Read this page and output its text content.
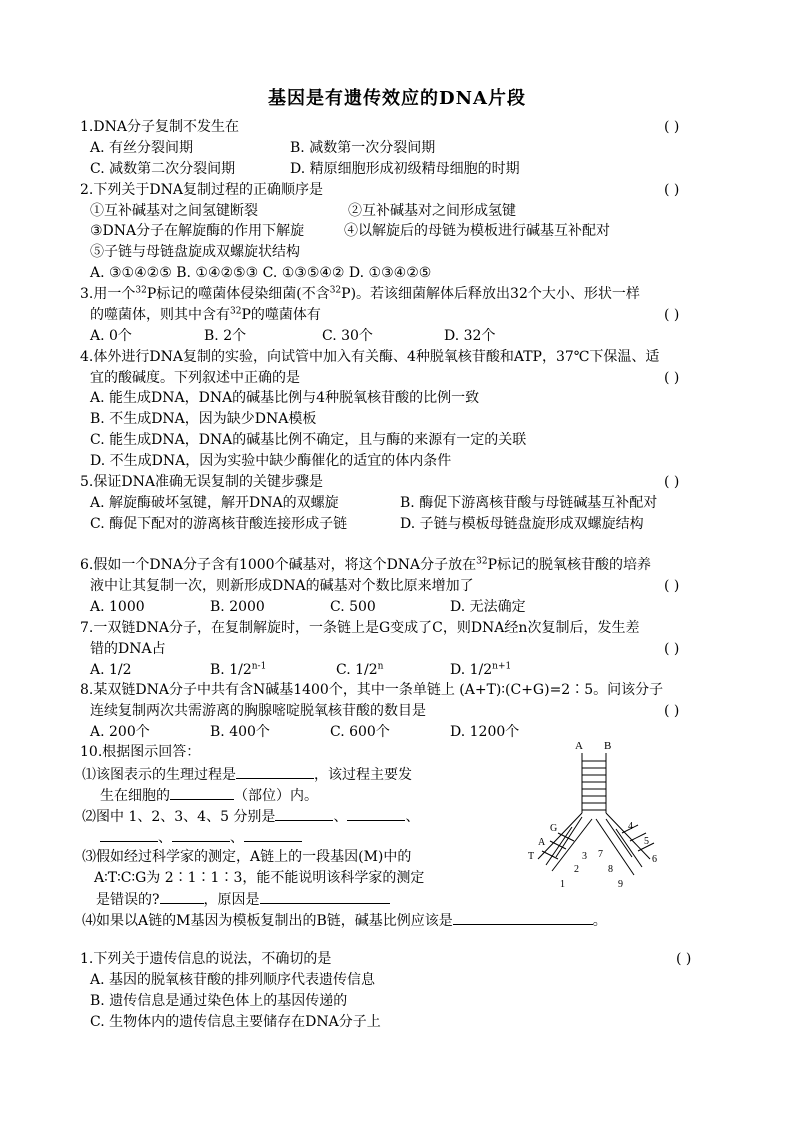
基因是有遗传效应的DNA片段
1.DNA分子复制不发生在	( )
A. 有丝分裂间期	B. 减数第一次分裂间期
C. 减数第二次分裂间期	D. 精原细胞形成初级精母细胞的时期
2.下列关于DNA复制过程的正确顺序是	( )
①互补碱基对之间氢键断裂	②互补碱基对之间形成氢键
③DNA分子在解旋酶的作用下解旋	④以解旋后的母链为模板进行碱基互补配对
⑤子链与母链盘旋成双螺旋状结构
A. ③①④②⑤ B. ①④②⑤③ C. ①③⑤④② D. ①③④②⑤
3.用一个$^{32}$P标记的噬菌体侵染细菌(不含$^{32}$P)。若该细菌解体后释放出32个大小、形状一样
的噬菌体，则其中含有$^{32}$P的噬菌体有	( )
A. 0个	B. 2个	C. 30个	D. 32个
4.体外进行DNA复制的实验，向试管中加入有关酶、4种脱氧核苷酸和ATP，37℃下保温、适
宜的酸碱度。下列叙述中正确的是	( )
A. 能生成DNA，DNA的碱基比例与4种脱氧核苷酸的比例一致
B. 不生成DNA，因为缺少DNA模板
C. 能生成DNA，DNA的碱基比例不确定，且与酶的来源有一定的关联
D. 不生成DNA，因为实验中缺少酶催化的适宜的体内条件
5.保证DNA准确无误复制的关键步骤是	( )
A. 解旋酶破坏氢键，解开DNA的双螺旋	B. 酶促下游离核苷酸与母链碱基互补配对
C. 酶促下配对的游离核苷酸连接形成子链	D. 子链与模板母链盘旋形成双螺旋结构
6.假如一个DNA分子含有1000个碱基对，将这个DNA分子放在$^{32}$P标记的脱氧核苷酸的培养
液中让其复制一次，则新形成DNA的碱基对个数比原来增加了	( )
A. 1000	B. 2000	C. 500	D. 无法确定
7.一双链DNA分子，在复制解旋时，一条链上是G变成了C，则DNA经n次复制后，发生差
错的DNA占	( )
A. 1/2	B. 1/2$^{n-1}$	C. 1/2$^n$	D. $1/2^{n+1}$
8.某双链DNA分子中共有含N碱基1400个，其中一条单链上 (A+T)∶(C+G)=2∶5。问该分子
连续复制两次共需游离的胸腺嘧啶脱氧核苷酸的数目是	( )
A. 200个	B. 400个	C. 600个	D. 1200个
10.根据图示回答：
⑴该图表示的生理过程是	，该过程主要发
生在细胞的	（部位）内。
⑵图中 1、2、3、4、5 分别是	、	、
、	、
⑶假如经过科学家的测定，A链上的一段基因(M)中的
A∶T∶C∶G为 2∶1∶1∶3，能不能说明该科学家的测定
是错误的?	，原因是
⑷如果以A链的M基因为模板复制出的B链，碱基比例应该是	。
A B
G
A
T
1
2
3
4
5
6
7
8
9
1.下列关于遗传信息的说法，不确切的是	( )
A. 基因的脱氧核苷酸的排列顺序代表遗传信息
B. 遗传信息是通过染色体上的基因传递的
C. 生物体内的遗传信息主要储存在DNA分子上
